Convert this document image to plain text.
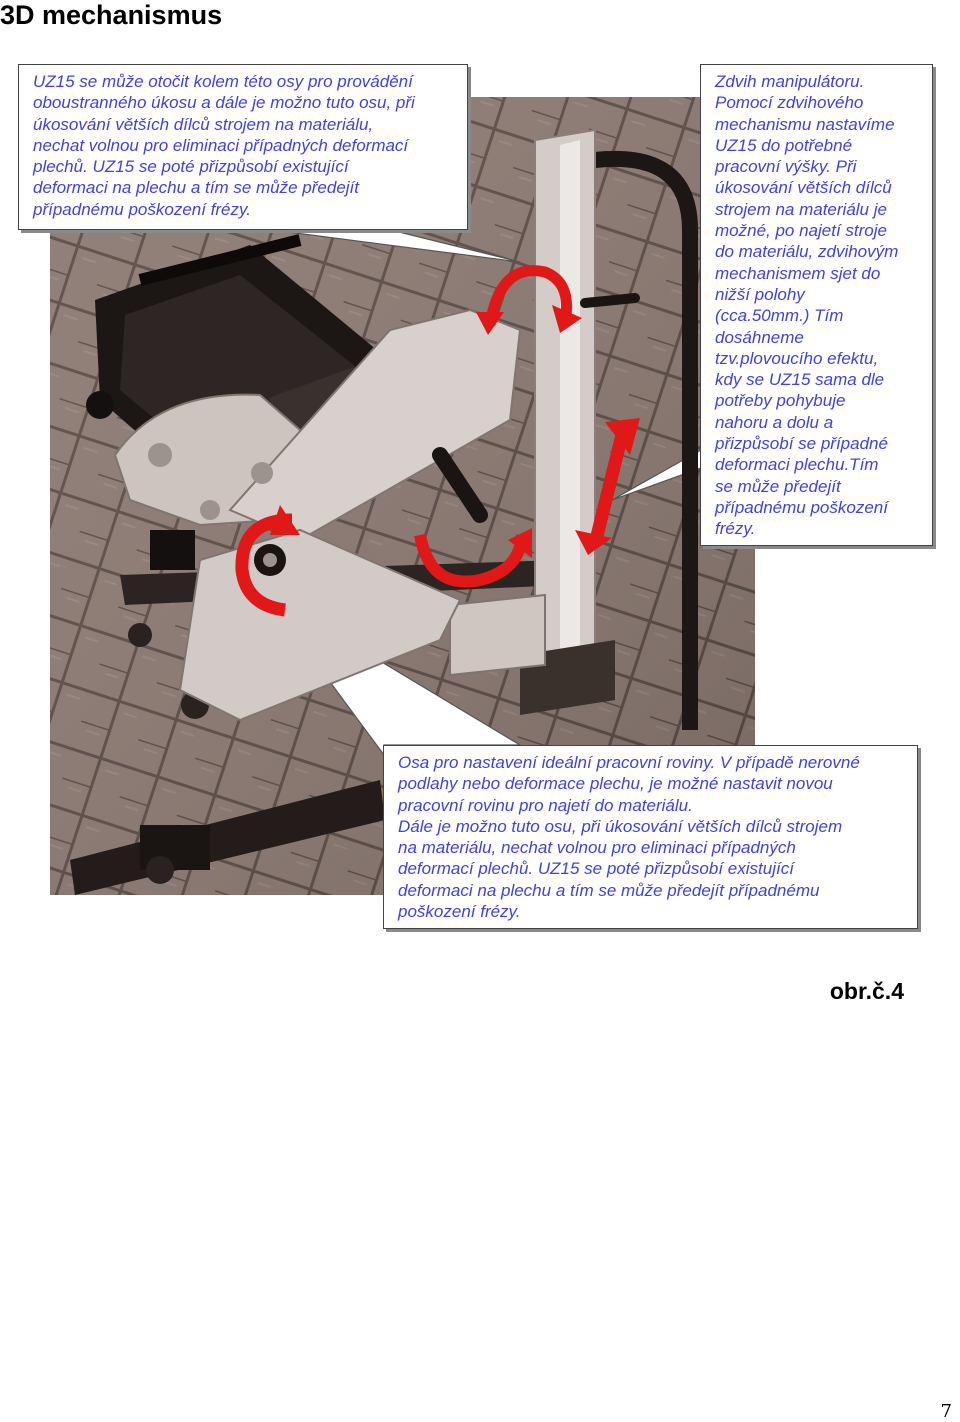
3D mechanismus
UZ15 se může otočit kolem této osy pro provádění
oboustranného úkosu a dále je možno tuto osu, při
úkosování větších dílců strojem na materiálu,
nechat volnou pro eliminaci případných deformací
plechů. UZ15 se poté přizpůsobí existující
deformaci na plechu a tím se může předejít
případnému poškození frézy.
Zdvih manipulátoru.
Pomocí zdvihového
mechanismu nastavíme
UZ15 do potřebné
pracovní výšky. Při
úkosování větších dílců
strojem na materiálu je
možné, po najetí stroje
do materiálu, zdvihovým
mechanismem sjet do
nižší polohy
(cca.50mm.) Tím
dosáhneme
tzv.plovoucího efektu,
kdy se UZ15 sama dle
potřeby pohybuje
nahoru a dolu a
přizpůsobí se případné
deformaci plechu.Tím
se může předejít
případnému poškození
frézy.
Osa pro nastavení ideální pracovní roviny. V případě nerovné
podlahy nebo deformace plechu, je možné nastavit novou
pracovní rovinu pro najetí do materiálu.
Dále je možno tuto osu, při úkosování větších dílců strojem
na materiálu, nechat volnou pro eliminaci případných
deformací plechů. UZ15 se poté přizpůsobí existující
deformaci na plechu a tím se může předejít případnému
poškození frézy.
obr.č.4
7
